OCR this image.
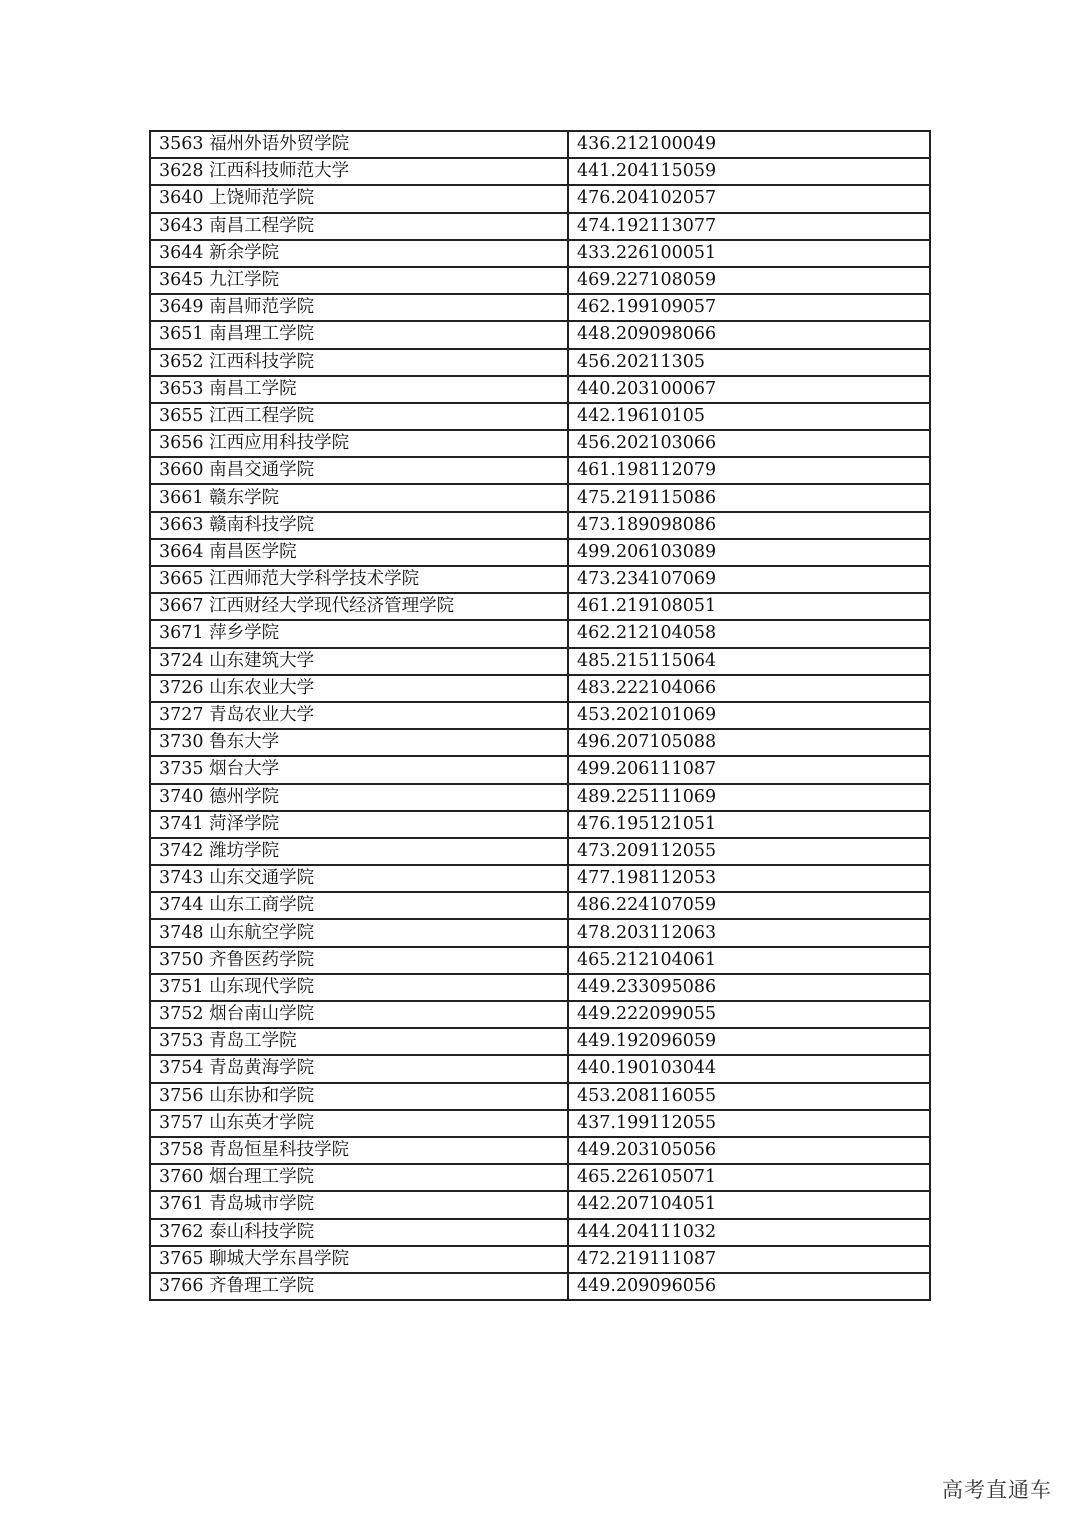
3563 福州外语外贸学院	436.212100049
3628 江西科技师范大学	441.204115059
3640 上饶师范学院	476.204102057
3643 南昌工程学院	474.192113077
3644 新余学院	433.226100051
3645 九江学院	469.227108059
3649 南昌师范学院	462.199109057
3651 南昌理工学院	448.209098066
3652 江西科技学院	456.20211305
3653 南昌工学院	440.203100067
3655 江西工程学院	442.19610105
3656 江西应用科技学院	456.202103066
3660 南昌交通学院	461.198112079
3661 赣东学院	475.219115086
3663 赣南科技学院	473.189098086
3664 南昌医学院	499.206103089
3665 江西师范大学科学技术学院	473.234107069
3667 江西财经大学现代经济管理学院	461.219108051
3671 萍乡学院	462.212104058
3724 山东建筑大学	485.215115064
3726 山东农业大学	483.222104066
3727 青岛农业大学	453.202101069
3730 鲁东大学	496.207105088
3735 烟台大学	499.206111087
3740 德州学院	489.225111069
3741 菏泽学院	476.195121051
3742 潍坊学院	473.209112055
3743 山东交通学院	477.198112053
3744 山东工商学院	486.224107059
3748 山东航空学院	478.203112063
3750 齐鲁医药学院	465.212104061
3751 山东现代学院	449.233095086
3752 烟台南山学院	449.222099055
3753 青岛工学院	449.192096059
3754 青岛黄海学院	440.190103044
3756 山东协和学院	453.208116055
3757 山东英才学院	437.199112055
3758 青岛恒星科技学院	449.203105056
3760 烟台理工学院	465.226105071
3761 青岛城市学院	442.207104051
3762 泰山科技学院	444.204111032
3765 聊城大学东昌学院	472.219111087
3766 齐鲁理工学院	449.209096056
高考直通车
